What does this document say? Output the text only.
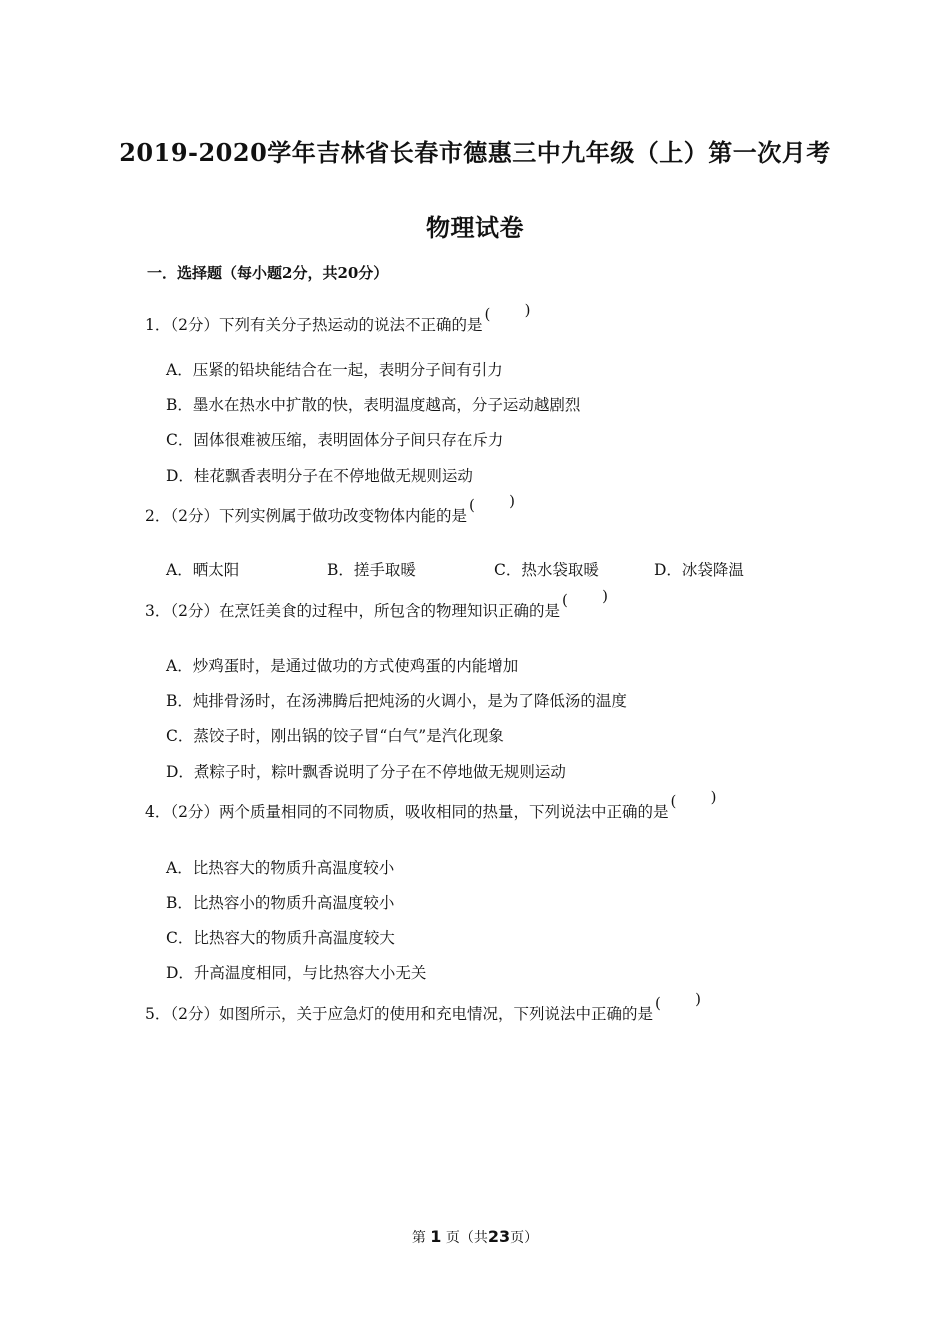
2019-2020学年吉林省长春市德惠三中九年级（上）第一次月考
物理试卷
一．选择题（每小题2分，共20分）
1．（2分）下列有关分子热运动的说法不正确的是
( )
A．压紧的铅块能结合在一起，表明分子间有引力
B．墨水在热水中扩散的快，表明温度越高，分子运动越剧烈
C．固体很难被压缩，表明固体分子间只存在斥力
D．桂花飘香表明分子在不停地做无规则运动
2．（2分）下列实例属于做功改变物体内能的是
( )
A．晒太阳	B．搓手取暖	C．热水袋取暖	D．冰袋降温
3．（2分）在烹饪美食的过程中，所包含的物理知识正确的是
( )
A．炒鸡蛋时，是通过做功的方式使鸡蛋的内能增加
B．炖排骨汤时，在汤沸腾后把炖汤的火调小，是为了降低汤的温度
C．蒸饺子时，刚出锅的饺子冒“白气”是汽化现象
D．煮粽子时，粽叶飘香说明了分子在不停地做无规则运动
4．（2分）两个质量相同的不同物质，吸收相同的热量，下列说法中正确的是
( )
A．比热容大的物质升高温度较小
B．比热容小的物质升高温度较小
C．比热容大的物质升高温度较大
D．升高温度相同，与比热容大小无关
5．（2分）如图所示，关于应急灯的使用和充电情况，下列说法中正确的是
( )
第 1 页（共23页）
